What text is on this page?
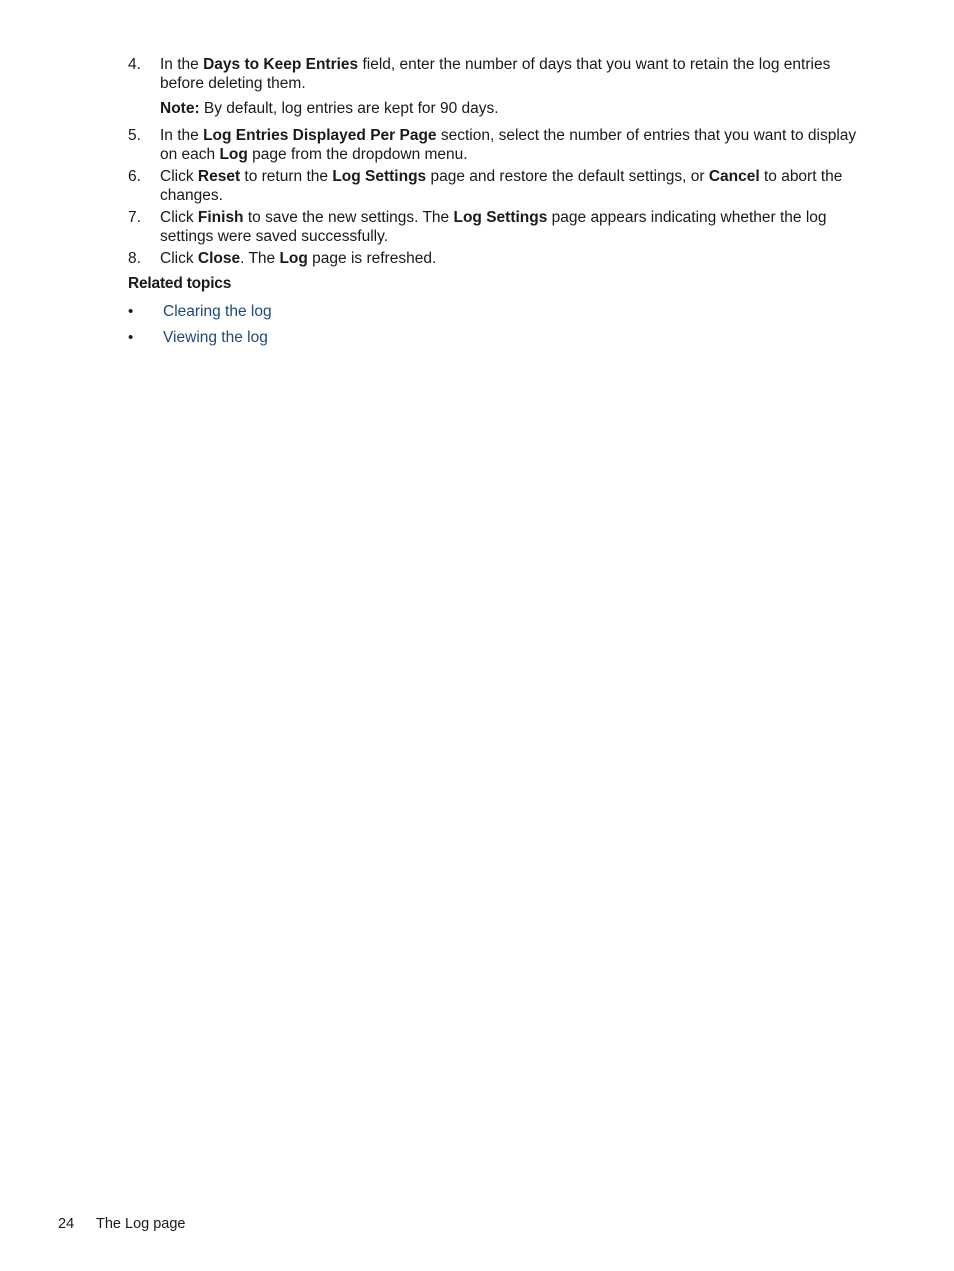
4. In the Days to Keep Entries field, enter the number of days that you want to retain the log entries before deleting them.
Note: By default, log entries are kept for 90 days.
5. In the Log Entries Displayed Per Page section, select the number of entries that you want to display on each Log page from the dropdown menu.
6. Click Reset to return the Log Settings page and restore the default settings, or Cancel to abort the changes.
7. Click Finish to save the new settings. The Log Settings page appears indicating whether the log settings were saved successfully.
8. Click Close. The Log page is refreshed.
Related topics
• Clearing the log
• Viewing the log
24 The Log page
